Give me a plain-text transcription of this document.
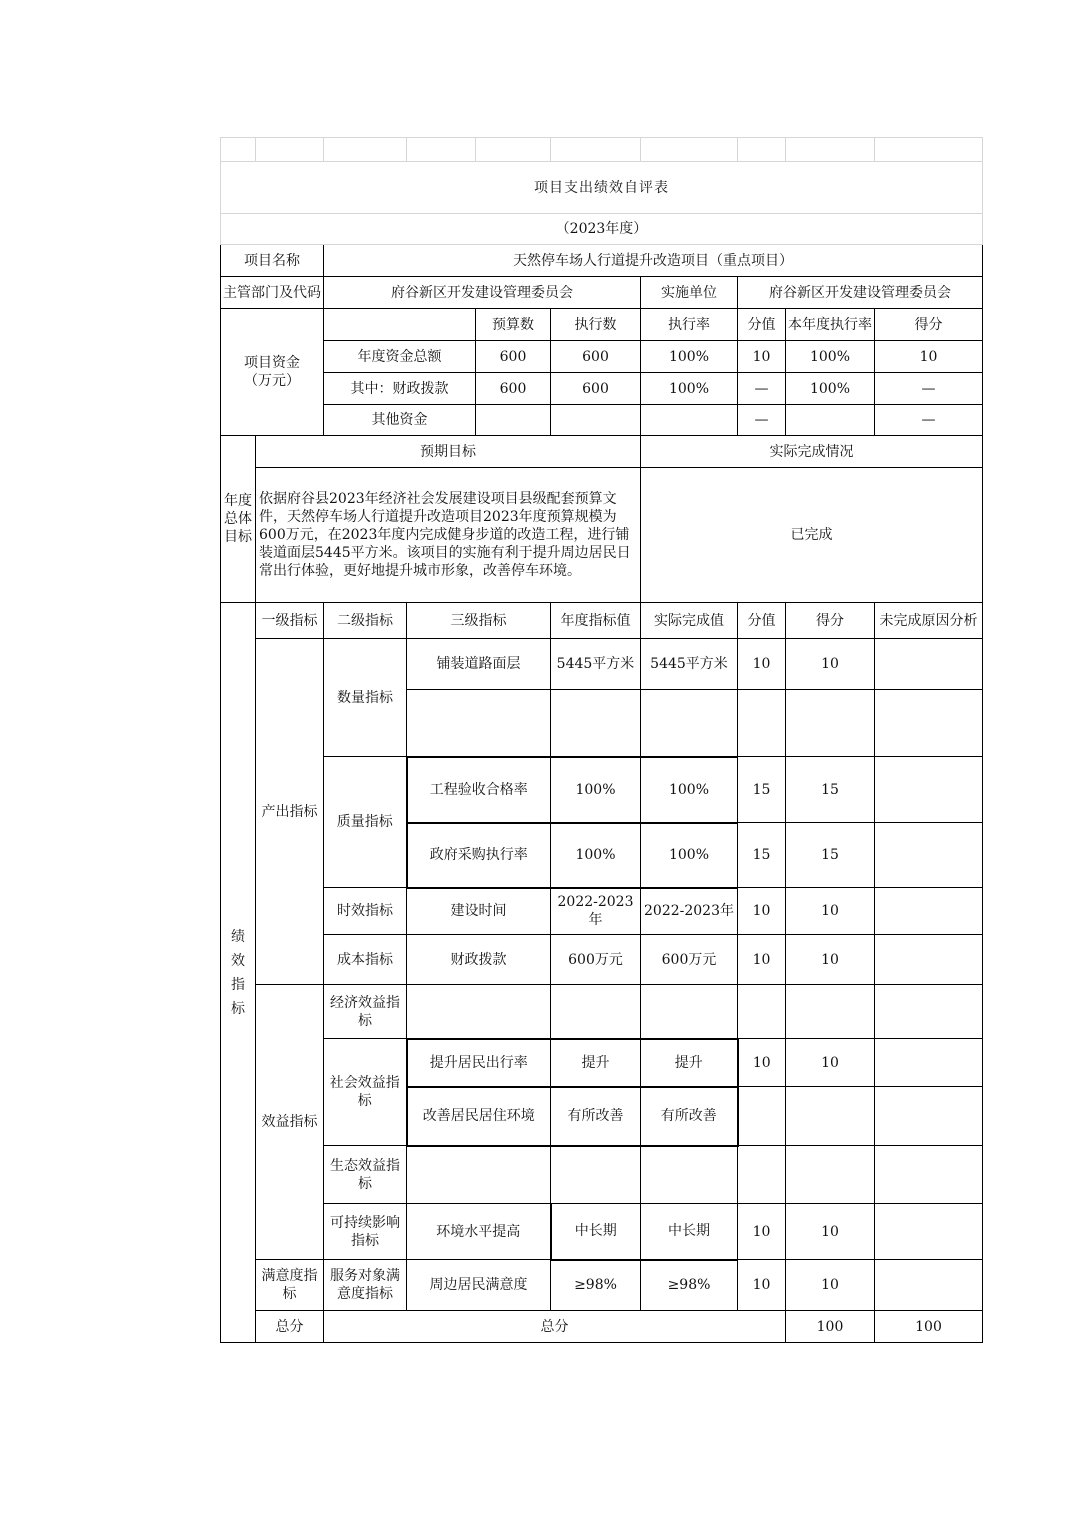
项目支出绩效自评表										
（2023年度）										
项目名称		天然停车场人行道提升改造项目（重点项目）								
主管部门及代码		府谷新区开发建设管理委员会				实施单位	府谷新区开发建设管理委员会			
项目资金
（万元）				预算数	执行数	执行率	分值	本年度执行率	得分	
		年度资金总额		600	600	100%	10	100%	10	
		其中：财政拨款		600	600	100%	—	100%	—	
		其他资金					—		—	
年度总体目标	预期目标					实际完成情况				
	依据府谷县2023年经济社会发展建设项目县级配套预算文件，天然停车场人行道提升改造项目2023年度预算规模为600万元，在2023年度内完成健身步道的改造工程，进行铺装道面层5445平方米。该项目的实施有利于提升周边居民日常出行体验，更好地提升城市形象，改善停车环境。					已完成				

绩效指标	一级指标	二级指标	三级指标		年度指标值	实际完成值	分值	得分	未完成原因分析	
	产出指标	数量指标	铺装道路面层		5445平方米	5445平方米	10	10		

		质量指标	工程验收合格率		100%	100%	15	15		
			政府采购执行率		100%	100%	15	15		
		时效指标	建设时间		2022-2023年	2022-2023年	10	10		
		成本指标	财政拨款		600万元	600万元	10	10		
	效益指标	经济效益指标								
		社会效益指标	提升居民出行率		提升	提升	10	10		
			改善居民居住环境		有所改善	有所改善				
		生态效益指标								
		可持续影响指标	环境水平提高		中长期	中长期	10	10		
	满意度指标	服务对象满意度指标	周边居民满意度		≥98%	≥98%	10	10		
	总分	总分						100	100	
